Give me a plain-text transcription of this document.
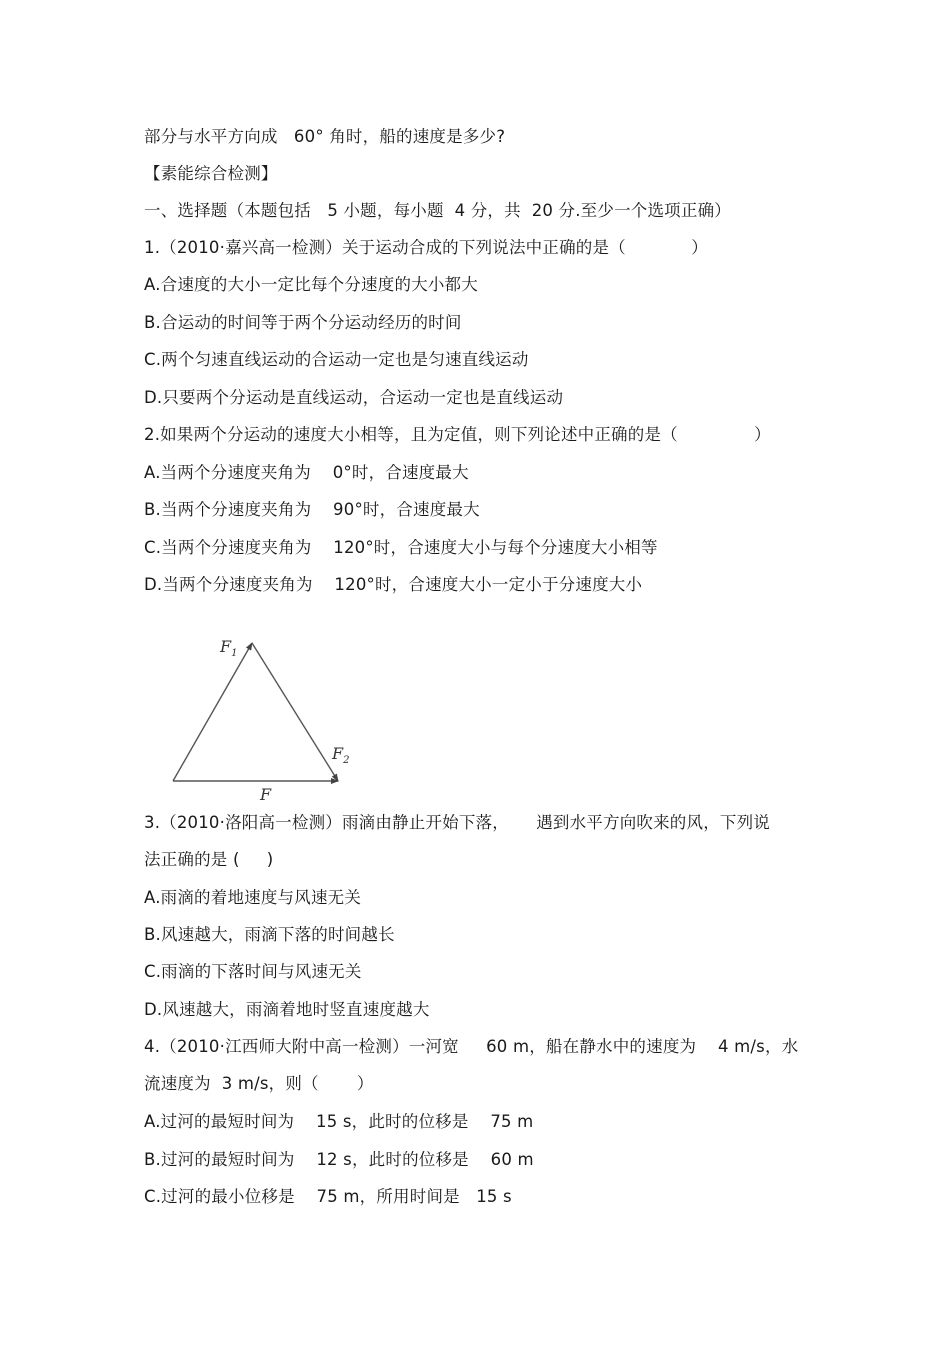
部分与水平方向成   60° 角时，船的速度是多少?
【素能综合检测】
一、选择题（本题包括   5 小题，每小题  4 分，共  20 分.至少一个选项正确）
1.（2010·嘉兴高一检测）关于运动合成的下列说法中正确的是（            ）
A.合速度的大小一定比每个分速度的大小都大
B.合运动的时间等于两个分运动经历的时间
C.两个匀速直线运动的合运动一定也是匀速直线运动
D.只要两个分运动是直线运动，合运动一定也是直线运动
2.如果两个分运动的速度大小相等，且为定值，则下列论述中正确的是（              ）
A.当两个分速度夹角为    0°时，合速度最大
B.当两个分速度夹角为    90°时，合速度最大
C.当两个分速度夹角为    120°时，合速度大小与每个分速度大小相等
D.当两个分速度夹角为    120°时，合速度大小一定小于分速度大小
$F_1$
$F_2$
F
3.（2010·洛阳高一检测）雨滴由静止开始下落，     遇到水平方向吹来的风，下列说
法正确的是 (     )
A.雨滴的着地速度与风速无关
B.风速越大，雨滴下落的时间越长
C.雨滴的下落时间与风速无关
D.风速越大，雨滴着地时竖直速度越大
4.（2010·江西师大附中高一检测）一河宽     60 m，船在静水中的速度为    4 m/s，水
流速度为  3 m/s，则（       ）
A.过河的最短时间为    15 s，此时的位移是    75 m
B.过河的最短时间为    12 s，此时的位移是    60 m
C.过河的最小位移是    75 m，所用时间是   15 s
